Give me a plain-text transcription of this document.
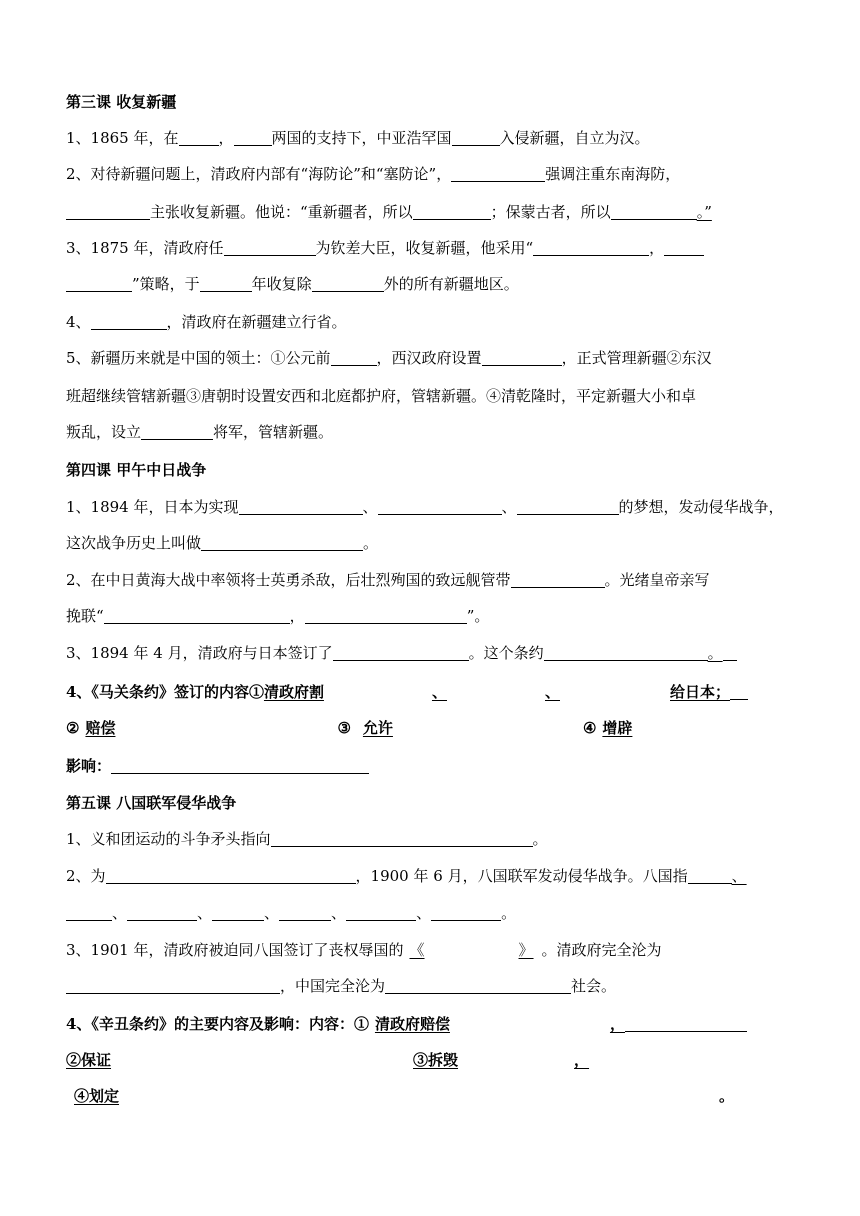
第三课 收复新疆
1、1865 年，在	，	两国的支持下，中亚浩罕国	入侵新疆，自立为汉。
2、对待新疆问题上，清政府内部有“海防论”和“塞防论”，	强调注重东南海防，
主张收复新疆。他说：“重新疆者，所以	；保蒙古者，所以	。”
3、1875 年，清政府任	为钦差大臣，收复新疆，他采用“	，
”策略，于	年收复除	外的所有新疆地区。
4、	，清政府在新疆建立行省。
5、新疆历来就是中国的领土：①公元前	，西汉政府设置	，正式管理新疆②东汉
班超继续管辖新疆③唐朝时设置安西和北庭都护府，管辖新疆。④清乾隆时，平定新疆大小和卓
叛乱，设立	将军，管辖新疆。
第四课 甲午中日战争
1、1894 年，日本为实现	、	、	的梦想，发动侵华战争，
这次战争历史上叫做	。
2、在中日黄海大战中率领将士英勇杀敌，后壮烈殉国的致远舰管带	。光绪皇帝亲写
挽联“	，	”。
3、1894 年 4 月，清政府与日本签订了	。这个条约	。
4、《马关条约》签订的内容①清政府割	、	、	给日本；
② 赔偿	③ 允许	④ 增辟
影响：
第五课 八国联军侵华战争
1、义和团运动的斗争矛头指向	。
2、为	，1900 年 6 月，八国联军发动侵华战争。八国指	、
、	、	、	、	、	。
3、1901 年，清政府被迫同八国签订了丧权辱国的 《	》 。清政府完全沦为
，中国完全沦为	社会。
4、《辛丑条约》的主要内容及影响：内容：① 清政府赔偿	，
②保证	③拆毁	，
④划定	。
